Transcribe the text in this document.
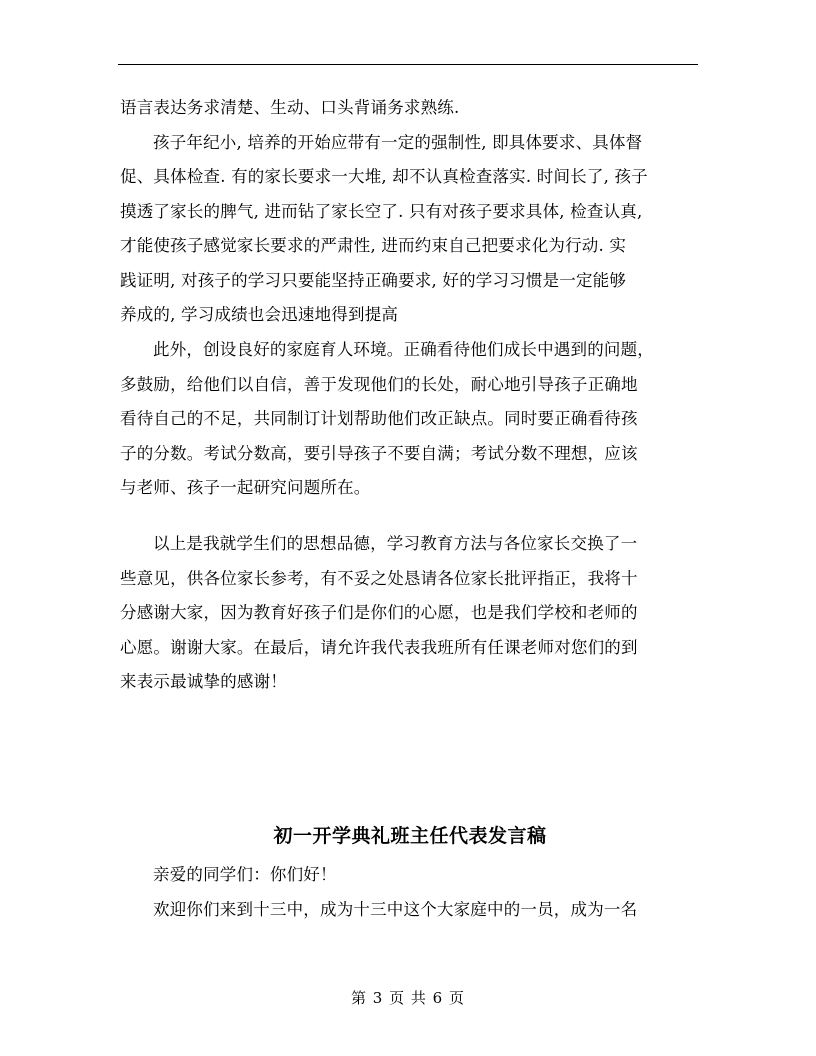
语言表达务求清楚、生动、口头背诵务求熟练.
孩子年纪小, 培养的开始应带有一定的强制性, 即具体要求、具体督
促、具体检查. 有的家长要求一大堆, 却不认真检查落实. 时间长了, 孩子
摸透了家长的脾气, 进而钻了家长空了. 只有对孩子要求具体, 检查认真,
才能使孩子感觉家长要求的严肃性, 进而约束自己把要求化为行动. 实
践证明, 对孩子的学习只要能坚持正确要求, 好的学习习惯是一定能够
养成的, 学习成绩也会迅速地得到提高
此外，创设良好的家庭育人环境。正确看待他们成长中遇到的问题，
多鼓励，给他们以自信，善于发现他们的长处，耐心地引导孩子正确地
看待自己的不足，共同制订计划帮助他们改正缺点。同时要正确看待孩
子的分数。考试分数高，要引导孩子不要自满；考试分数不理想，应该
与老师、孩子一起研究问题所在。
以上是我就学生们的思想品德，学习教育方法与各位家长交换了一
些意见，供各位家长参考，有不妥之处恳请各位家长批评指正，我将十
分感谢大家，因为教育好孩子们是你们的心愿，也是我们学校和老师的
心愿。谢谢大家。在最后，请允许我代表我班所有任课老师对您们的到
来表示最诚挚的感谢！
初一开学典礼班主任代表发言稿
亲爱的同学们：你们好！
欢迎你们来到十三中，成为十三中这个大家庭中的一员，成为一名
第 3 页 共 6 页
